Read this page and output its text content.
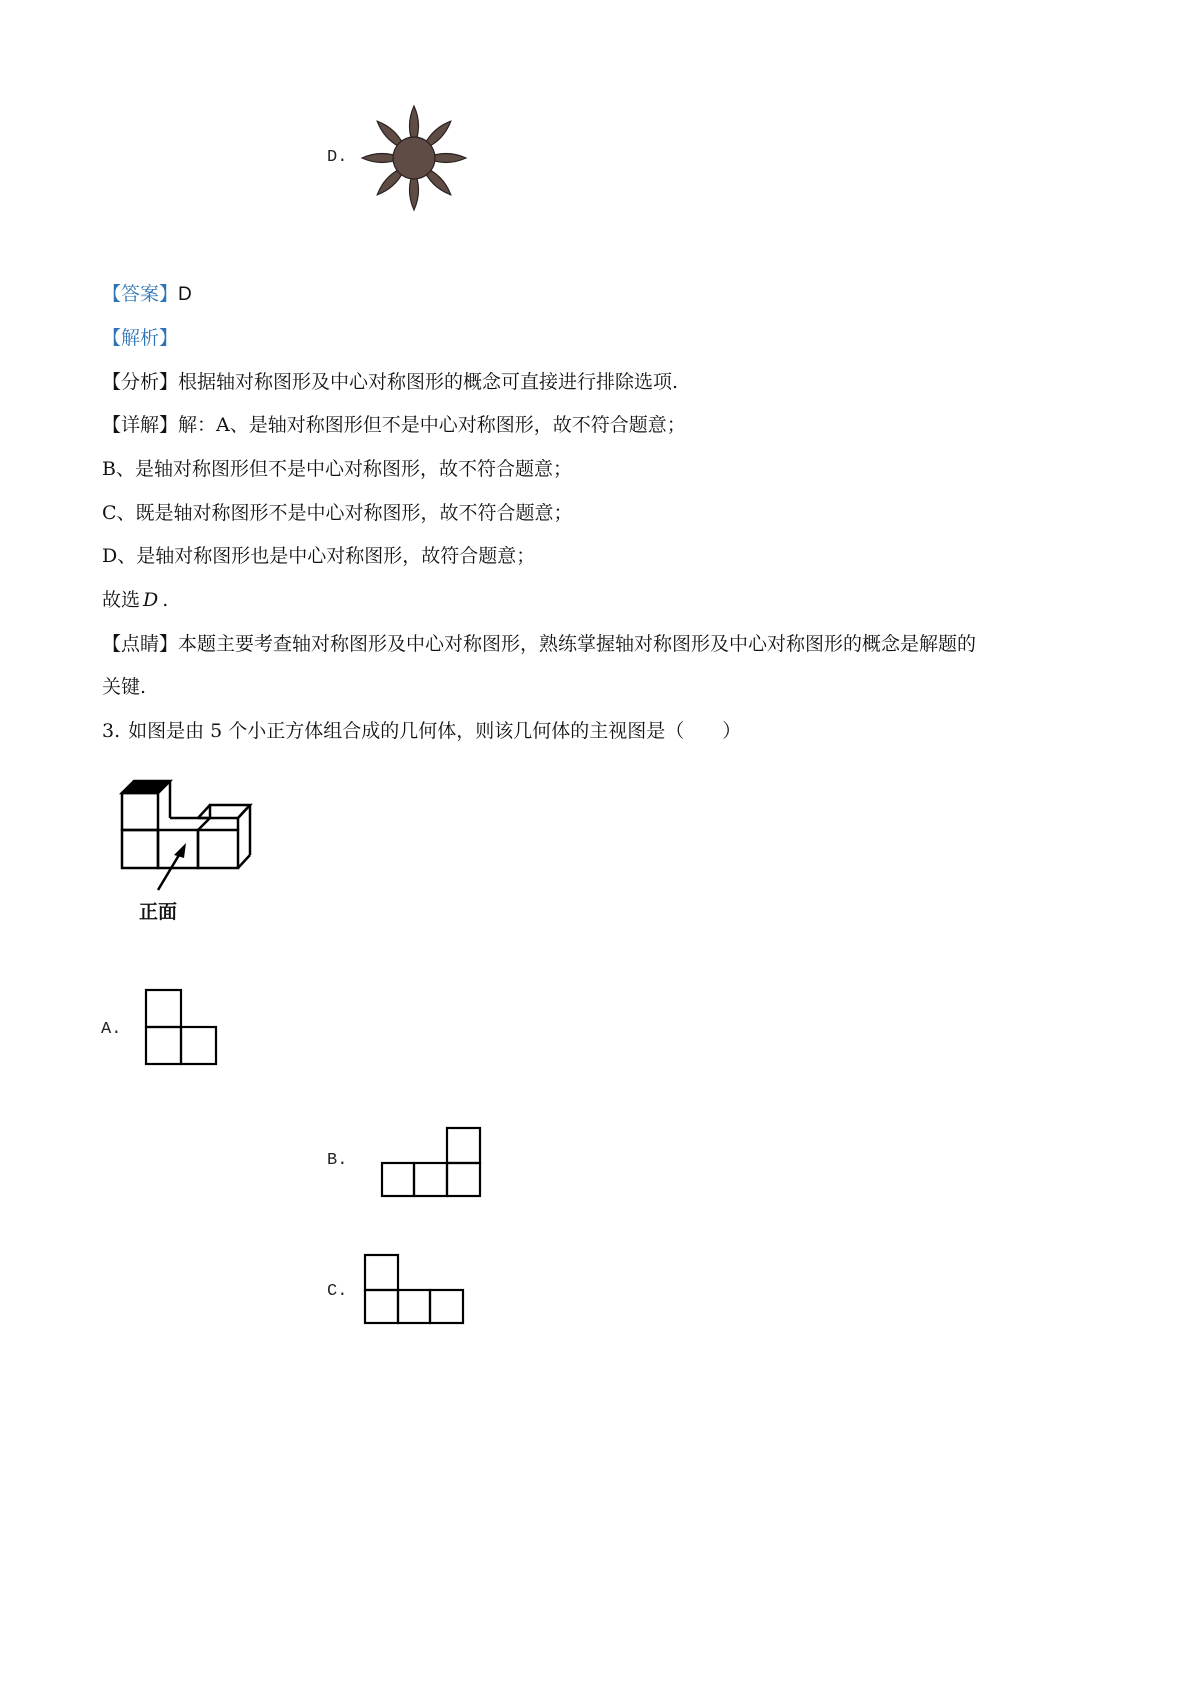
D.
【答案】D
【解析】
【分析】根据轴对称图形及中心对称图形的概念可直接进行排除选项.
【详解】解：A、是轴对称图形但不是中心对称图形，故不符合题意；
B、是轴对称图形但不是中心对称图形，故不符合题意；
C、既是轴对称图形不是中心对称图形，故不符合题意；
D、是轴对称图形也是中心对称图形，故符合题意；
故选 D .
【点睛】本题主要考查轴对称图形及中心对称图形，熟练掌握轴对称图形及中心对称图形的概念是解题的
关键.
3. 如图是由 5 个小正方体组合成的几何体，则该几何体的主视图是（　　）
正面
A.
B.
C.
